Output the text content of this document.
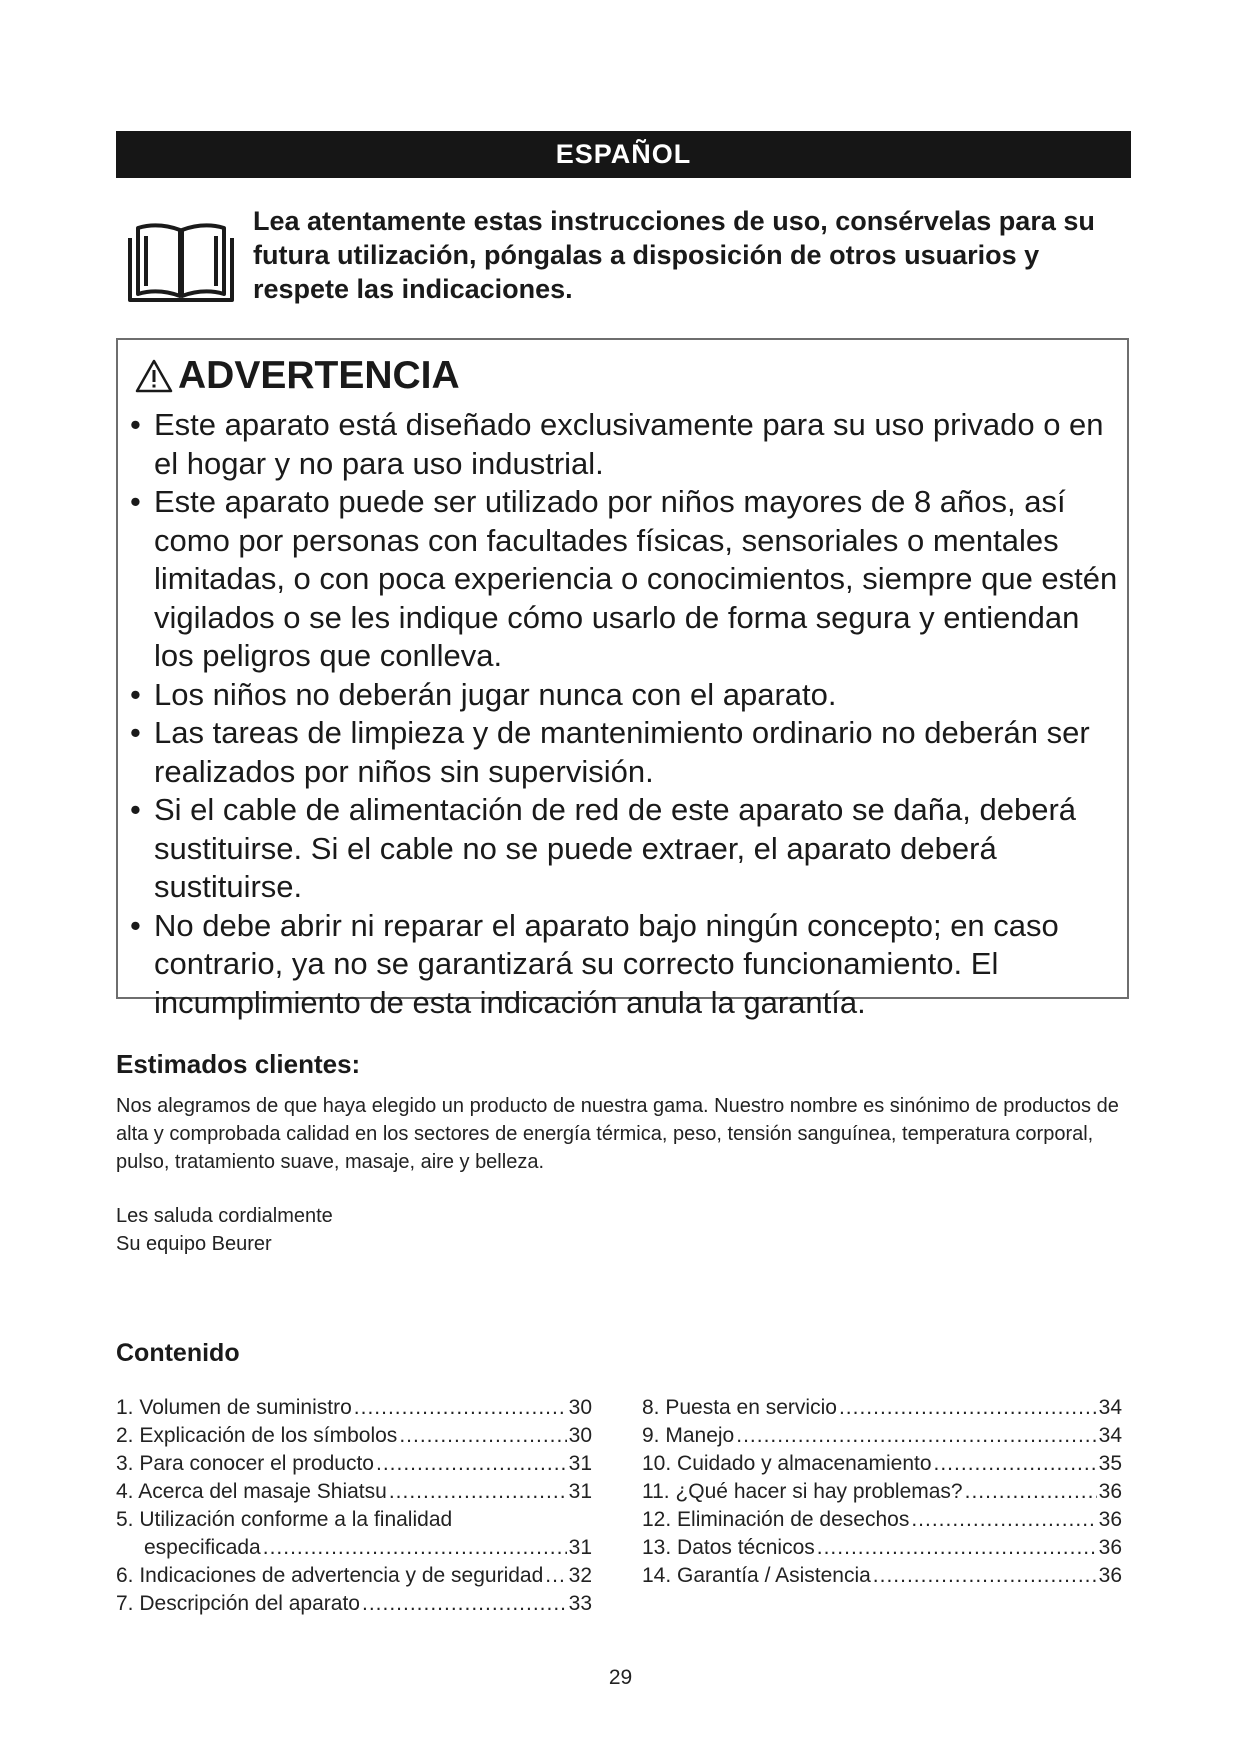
ESPAÑOL
Lea atentamente estas instrucciones de uso, consérvelas para su futura utilización, póngalas a disposición de otros usuarios y respete las indicaciones.
ADVERTENCIA
• Este aparato está diseñado exclusivamente para su uso privado o en el hogar y no para uso industrial.
• Este aparato puede ser utilizado por niños mayores de 8 años, así como por personas con facultades físicas, sensoriales o mentales limitadas, o con poca experiencia o conocimientos, siempre que estén vigilados o se les indique cómo usarlo de forma segura y entiendan los peligros que conlleva.
• Los niños no deberán jugar nunca con el aparato.
• Las tareas de limpieza y de mantenimiento ordinario no deberán ser realizados por niños sin supervisión.
• Si el cable de alimentación de red de este aparato se daña, deberá sustituirse. Si el cable no se puede extraer, el aparato deberá sustituirse.
• No debe abrir ni reparar el aparato bajo ningún concepto; en caso contrario, ya no se garantizará su correcto funcionamiento. El incumplimiento de esta indicación anula la garantía.
Estimados clientes:
Nos alegramos de que haya elegido un producto de nuestra gama. Nuestro nombre es sinónimo de productos de alta y comprobada calidad en los sectores de energía térmica, peso, tensión sanguínea, temperatura corporal, pulso, tratamiento suave, masaje, aire y belleza.
Les saluda cordialmente
Su equipo Beurer
Contenido
1. Volumen de suministro .....	30
2. Explicación de los símbolos .....	30
3. Para conocer el producto .....	31
4. Acerca del masaje Shiatsu .....	31
5. Utilización conforme a la finalidad
especificada .....	31
6. Indicaciones de advertencia y de seguridad ..... 32
7. Descripción del aparato .....	33
8. Puesta en servicio .....	34
9. Manejo .....	34
10. Cuidado y almacenamiento .....	35
11. ¿Qué hacer si hay problemas? .....	36
12. Eliminación de desechos .....	36
13. Datos técnicos .....	36
14. Garantía / Asistencia .....	36
29
